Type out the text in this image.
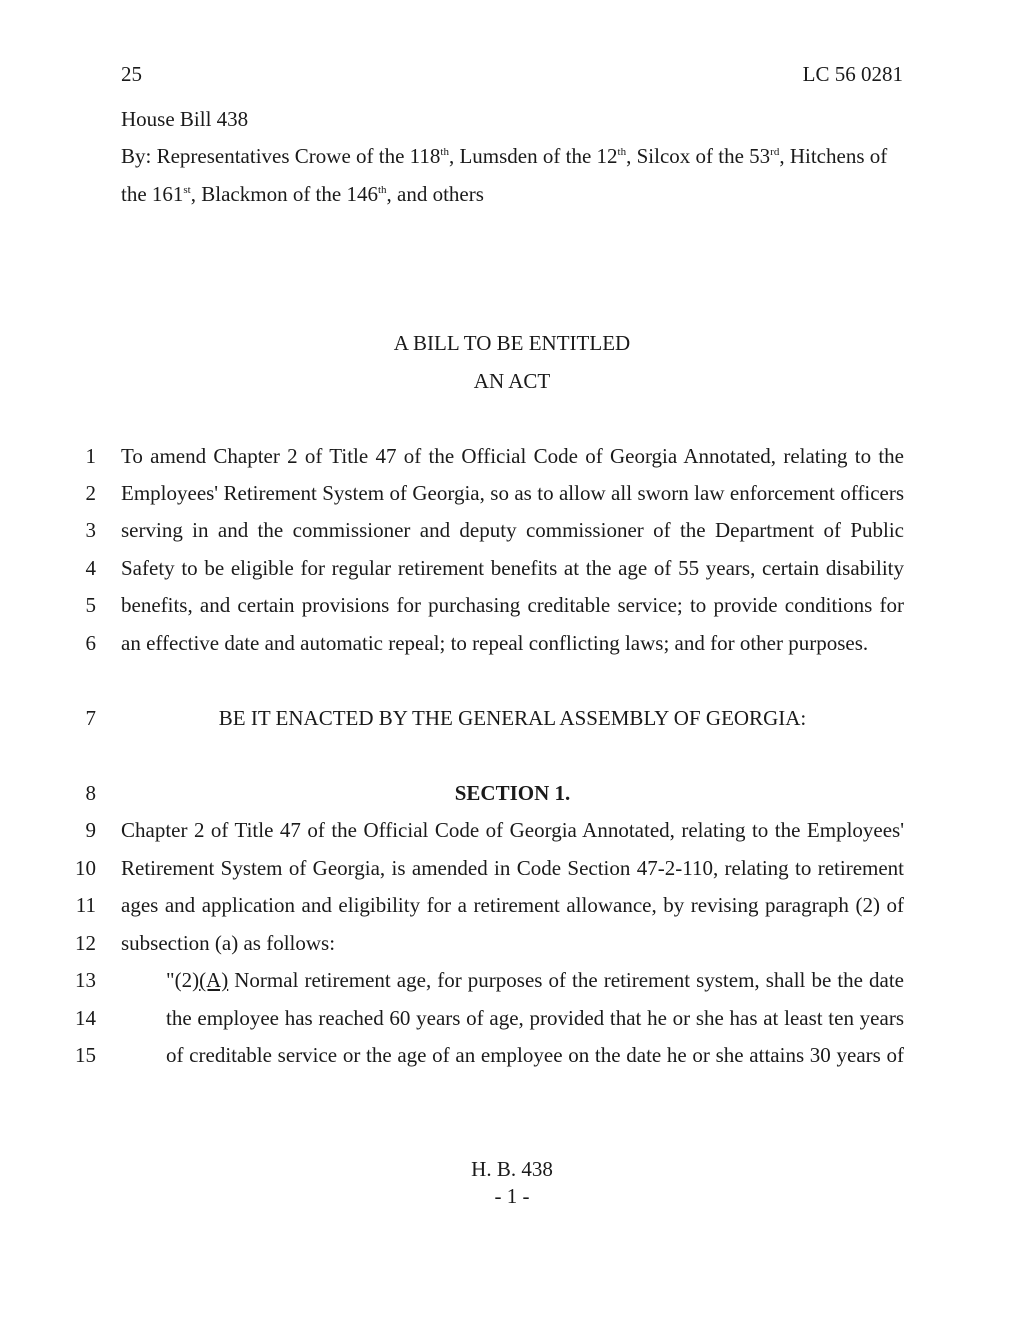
25	LC 56 0281
House Bill 438
By: Representatives Crowe of the 118th, Lumsden of the 12th, Silcox of the 53rd, Hitchens of
the 161st, Blackmon of the 146th, and others
A BILL TO BE ENTITLED
AN ACT
1 To amend Chapter 2 of Title 47 of the Official Code of Georgia Annotated, relating to the
2 Employees' Retirement System of Georgia, so as to allow all sworn law enforcement officers
3 serving in and the commissioner and deputy commissioner of the Department of Public
4 Safety to be eligible for regular retirement benefits at the age of 55 years, certain disability
5 benefits, and certain provisions for purchasing creditable service; to provide conditions for
6 an effective date and automatic repeal; to repeal conflicting laws; and for other purposes.
7	BE IT ENACTED BY THE GENERAL ASSEMBLY OF GEORGIA:
8	SECTION 1.
9 Chapter 2 of Title 47 of the Official Code of Georgia Annotated, relating to the Employees'
10 Retirement System of Georgia, is amended in Code Section 47-2-110, relating to retirement
11 ages and application and eligibility for a retirement allowance, by revising paragraph (2) of
12 subsection (a) as follows:
13	"(2)(A) Normal retirement age, for purposes of the retirement system, shall be the date
14	the employee has reached 60 years of age, provided that he or she has at least ten years
15	of creditable service or the age of an employee on the date he or she attains 30 years of
H. B. 438
- 1 -
